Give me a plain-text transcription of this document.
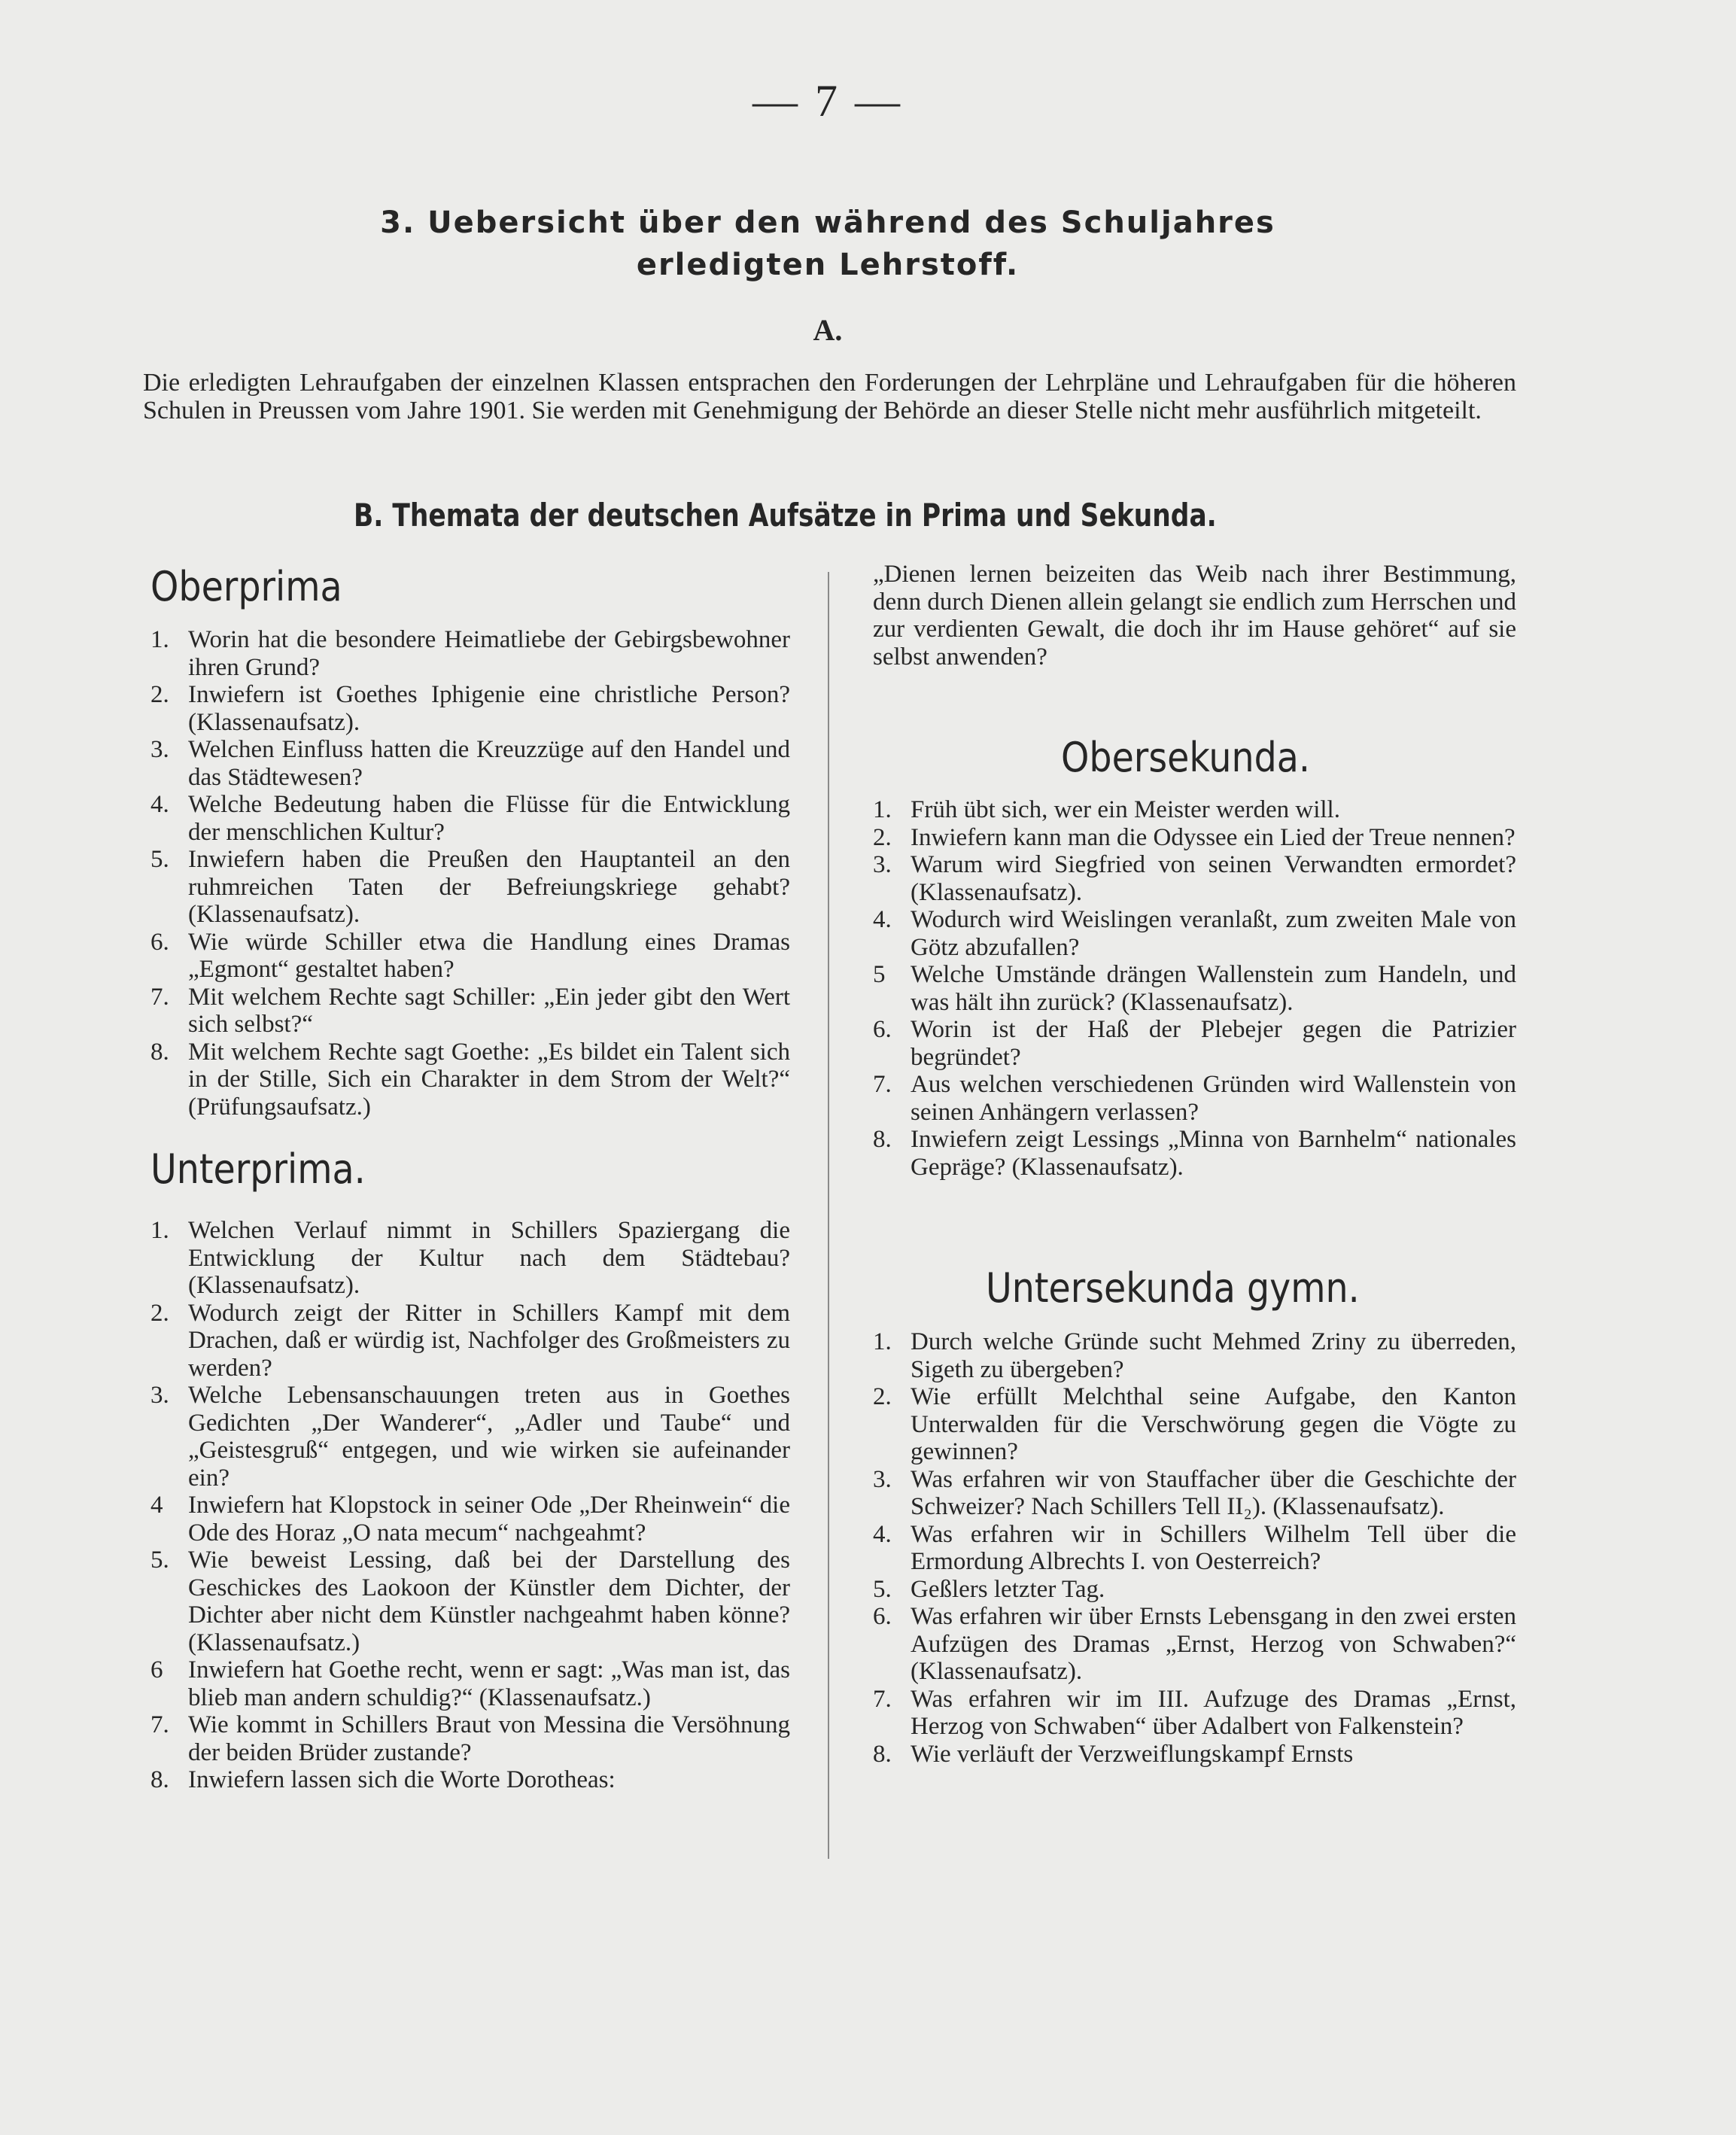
— 7 —
3. Uebersicht über den während des Schuljahres
erledigten Lehrstoff.
A.
Die erledigten Lehraufgaben der einzelnen Klassen entsprachen den Forderungen der Lehrpläne und Lehraufgaben für die höheren Schulen in Preussen vom Jahre 1901. Sie werden mit Genehmigung der Behörde an dieser Stelle nicht mehr ausführlich mitgeteilt.
B. Themata der deutschen Aufsätze in Prima und Sekunda.
Oberprima
1. Worin hat die besondere Heimatliebe der Gebirgsbewohner ihren Grund?
2. Inwiefern ist Goethes Iphigenie eine christliche Person? (Klassenaufsatz).
3. Welchen Einfluss hatten die Kreuzzüge auf den Handel und das Städtewesen?
4. Welche Bedeutung haben die Flüsse für die Entwicklung der menschlichen Kultur?
5. Inwiefern haben die Preußen den Hauptanteil an den ruhmreichen Taten der Befreiungskriege gehabt? (Klassenaufsatz).
6. Wie würde Schiller etwa die Handlung eines Dramas „Egmont“ gestaltet haben?
7. Mit welchem Rechte sagt Schiller: „Ein jeder gibt den Wert sich selbst?“
8. Mit welchem Rechte sagt Goethe: „Es bildet ein Talent sich in der Stille, Sich ein Charakter in dem Strom der Welt?“ (Prüfungsaufsatz.)
Unterprima.
1. Welchen Verlauf nimmt in Schillers Spaziergang die Entwicklung der Kultur nach dem Städtebau? (Klassenaufsatz).
2. Wodurch zeigt der Ritter in Schillers Kampf mit dem Drachen, daß er würdig ist, Nachfolger des Großmeisters zu werden?
3. Welche Lebensanschauungen treten aus in Goethes Gedichten „Der Wanderer“, „Adler und Taube“ und „Geistesgruß“ entgegen, und wie wirken sie aufeinander ein?
4	Inwiefern hat Klopstock in seiner Ode „Der Rheinwein“ die Ode des Horaz „O nata mecum“ nachgeahmt?
5. Wie beweist Lessing, daß bei der Darstellung des Geschickes des Laokoon der Künstler dem Dichter, der Dichter aber nicht dem Künstler nachgeahmt haben könne? (Klassenaufsatz.)
6	Inwiefern hat Goethe recht, wenn er sagt: „Was man ist, das blieb man andern schuldig?“ (Klassenaufsatz.)
7. Wie kommt in Schillers Braut von Messina die Versöhnung der beiden Brüder zustande?
8. Inwiefern lassen sich die Worte Dorotheas:
„Dienen lernen beizeiten das Weib nach ihrer Bestimmung, denn durch Dienen allein gelangt sie endlich zum Herrschen und zur verdienten Gewalt, die doch ihr im Hause gehöret“ auf sie selbst anwenden?
Obersekunda.
1. Früh übt sich, wer ein Meister werden will.
2. Inwiefern kann man die Odyssee ein Lied der Treue nennen?
3. Warum wird Siegfried von seinen Verwandten ermordet? (Klassenaufsatz).
4. Wodurch wird Weislingen veranlaßt, zum zweiten Male von Götz abzufallen?
5	Welche Umstände drängen Wallenstein zum Handeln, und was hält ihn zurück? (Klassenaufsatz).
6. Worin ist der Haß der Plebejer gegen die Patrizier begründet?
7. Aus welchen verschiedenen Gründen wird Wallenstein von seinen Anhängern verlassen?
8. Inwiefern zeigt Lessings „Minna von Barnhelm“ nationales Gepräge? (Klassenaufsatz).
Untersekunda gymn.
1. Durch welche Gründe sucht Mehmed Zriny zu überreden, Sigeth zu übergeben?
2. Wie erfüllt Melchthal seine Aufgabe, den Kanton Unterwalden für die Verschwörung gegen die Vögte zu gewinnen?
3. Was erfahren wir von Stauffacher über die Geschichte der Schweizer? Nach Schillers Tell II₂). (Klassenaufsatz).
4. Was erfahren wir in Schillers Wilhelm Tell über die Ermordung Albrechts I. von Oesterreich?
5. Geßlers letzter Tag.
6. Was erfahren wir über Ernsts Lebensgang in den zwei ersten Aufzügen des Dramas „Ernst, Herzog von Schwaben?“ (Klassenaufsatz).
7. Was erfahren wir im III. Aufzuge des Dramas „Ernst, Herzog von Schwaben“ über Adalbert von Falkenstein?
8. Wie verläuft der Verzweiflungskampf Ernsts
